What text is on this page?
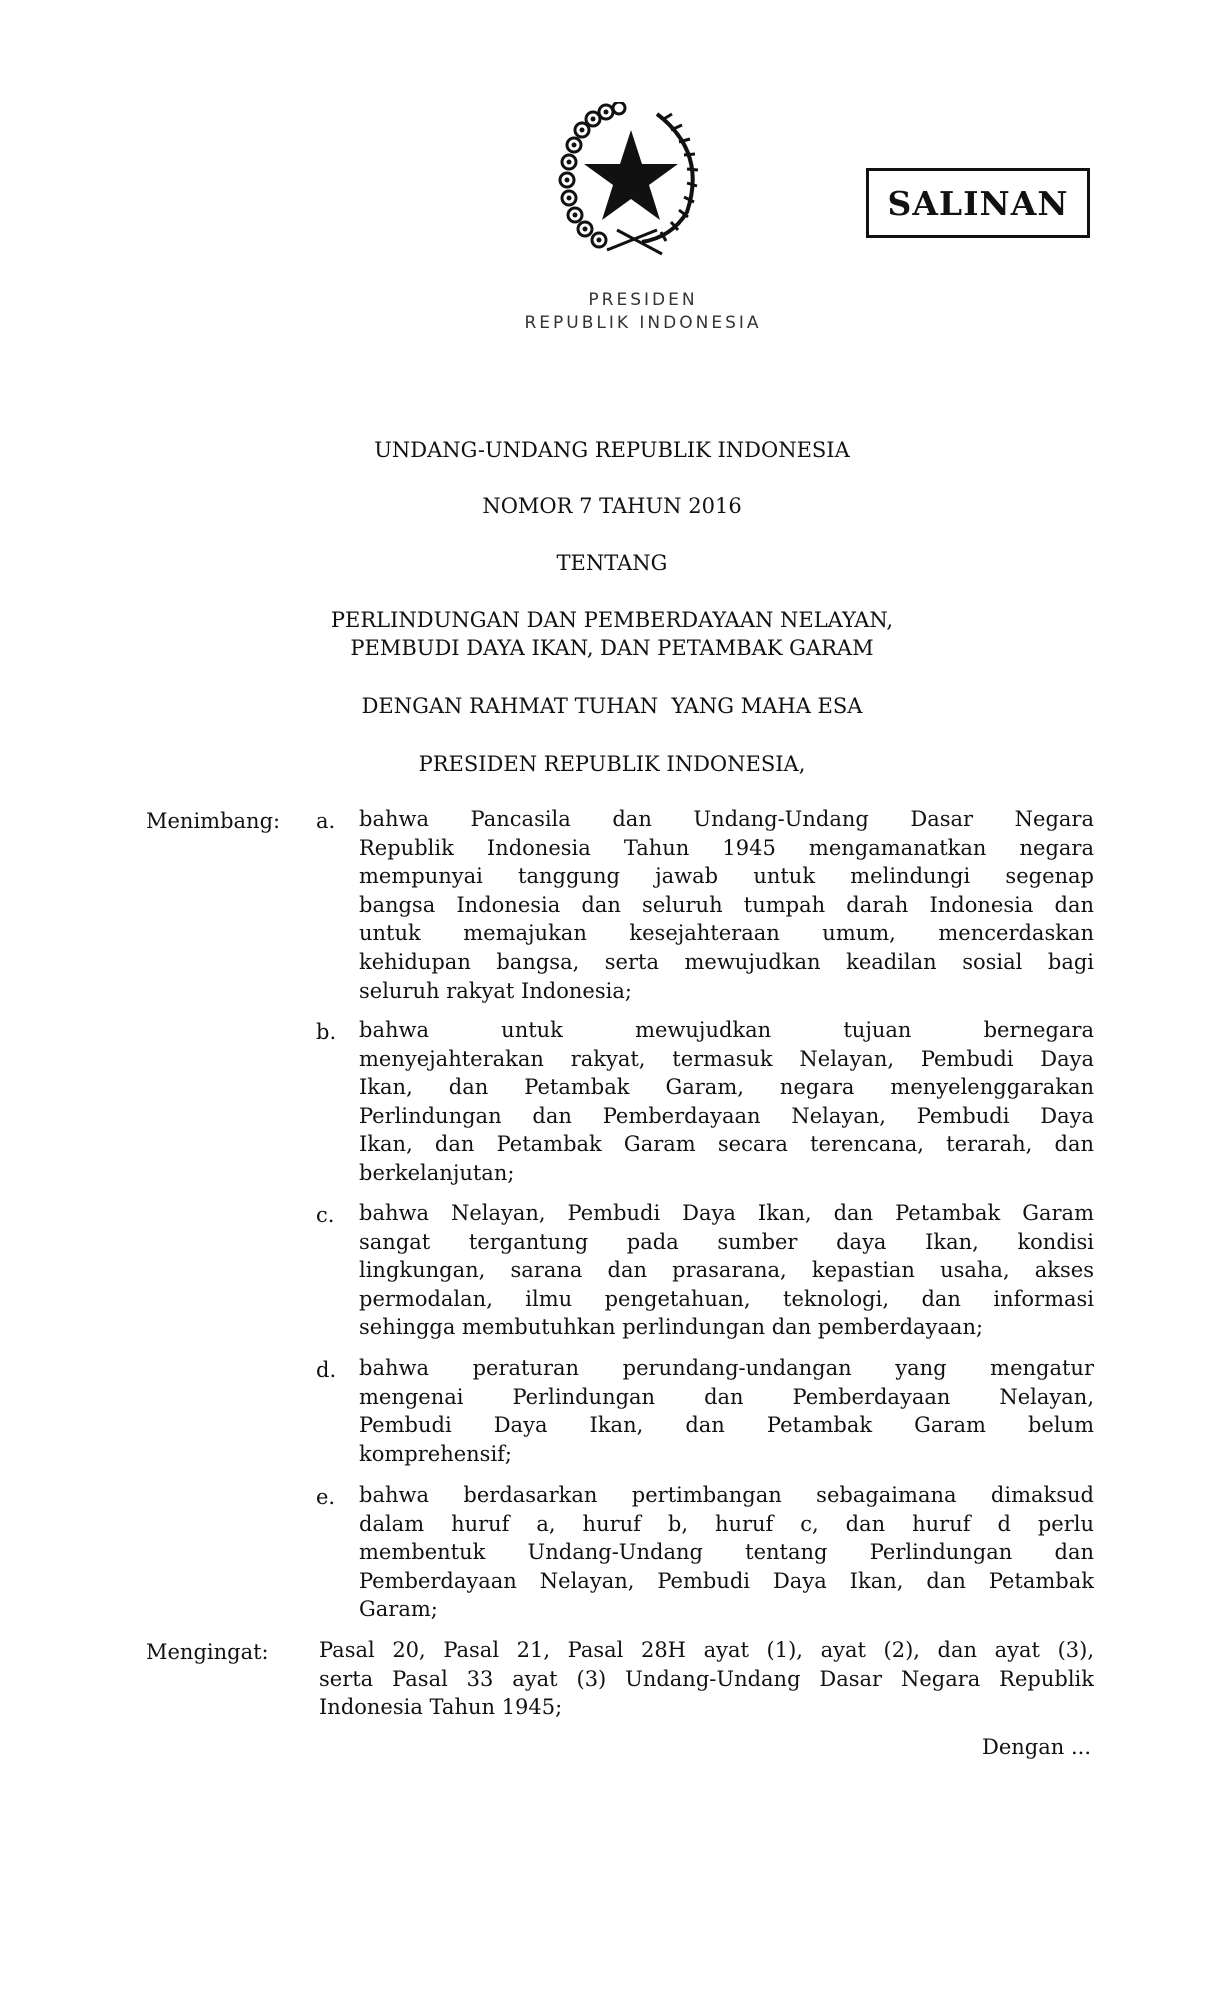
SALINAN
PRESIDEN
REPUBLIK INDONESIA
UNDANG-UNDANG REPUBLIK INDONESIA
NOMOR 7 TAHUN 2016
TENTANG
PERLINDUNGAN DAN PEMBERDAYAAN NELAYAN,
PEMBUDI DAYA IKAN, DAN PETAMBAK GARAM
DENGAN RAHMAT TUHAN  YANG MAHA ESA
PRESIDEN REPUBLIK INDONESIA,
Menimbang: a. bahwa Pancasila dan Undang-Undang Dasar Negara
Republik Indonesia Tahun 1945 mengamanatkan negara
mempunyai tanggung jawab untuk melindungi segenap
bangsa Indonesia dan seluruh tumpah darah Indonesia dan
untuk memajukan kesejahteraan umum, mencerdaskan
kehidupan bangsa, serta mewujudkan keadilan sosial bagi
seluruh rakyat Indonesia;
b. bahwa untuk mewujudkan tujuan bernegara
menyejahterakan rakyat, termasuk Nelayan, Pembudi Daya
Ikan, dan Petambak Garam, negara menyelenggarakan
Perlindungan dan Pemberdayaan Nelayan, Pembudi Daya
Ikan, dan Petambak Garam secara terencana, terarah, dan
berkelanjutan;
c. bahwa Nelayan, Pembudi Daya Ikan, dan Petambak Garam
sangat tergantung pada sumber daya Ikan, kondisi
lingkungan, sarana dan prasarana, kepastian usaha, akses
permodalan, ilmu pengetahuan, teknologi, dan informasi
sehingga membutuhkan perlindungan dan pemberdayaan;
d. bahwa peraturan perundang-undangan yang mengatur
mengenai Perlindungan dan Pemberdayaan Nelayan,
Pembudi Daya Ikan, dan Petambak Garam belum
komprehensif;
e. bahwa berdasarkan pertimbangan sebagaimana dimaksud
dalam huruf a, huruf b, huruf c, dan huruf d perlu
membentuk Undang-Undang tentang Perlindungan dan
Pemberdayaan Nelayan, Pembudi Daya Ikan, dan Petambak
Garam;
Mengingat: Pasal 20, Pasal 21, Pasal 28H ayat (1), ayat (2), dan ayat (3),
serta Pasal 33 ayat (3) Undang-Undang Dasar Negara Republik
Indonesia Tahun 1945;
Dengan ...
